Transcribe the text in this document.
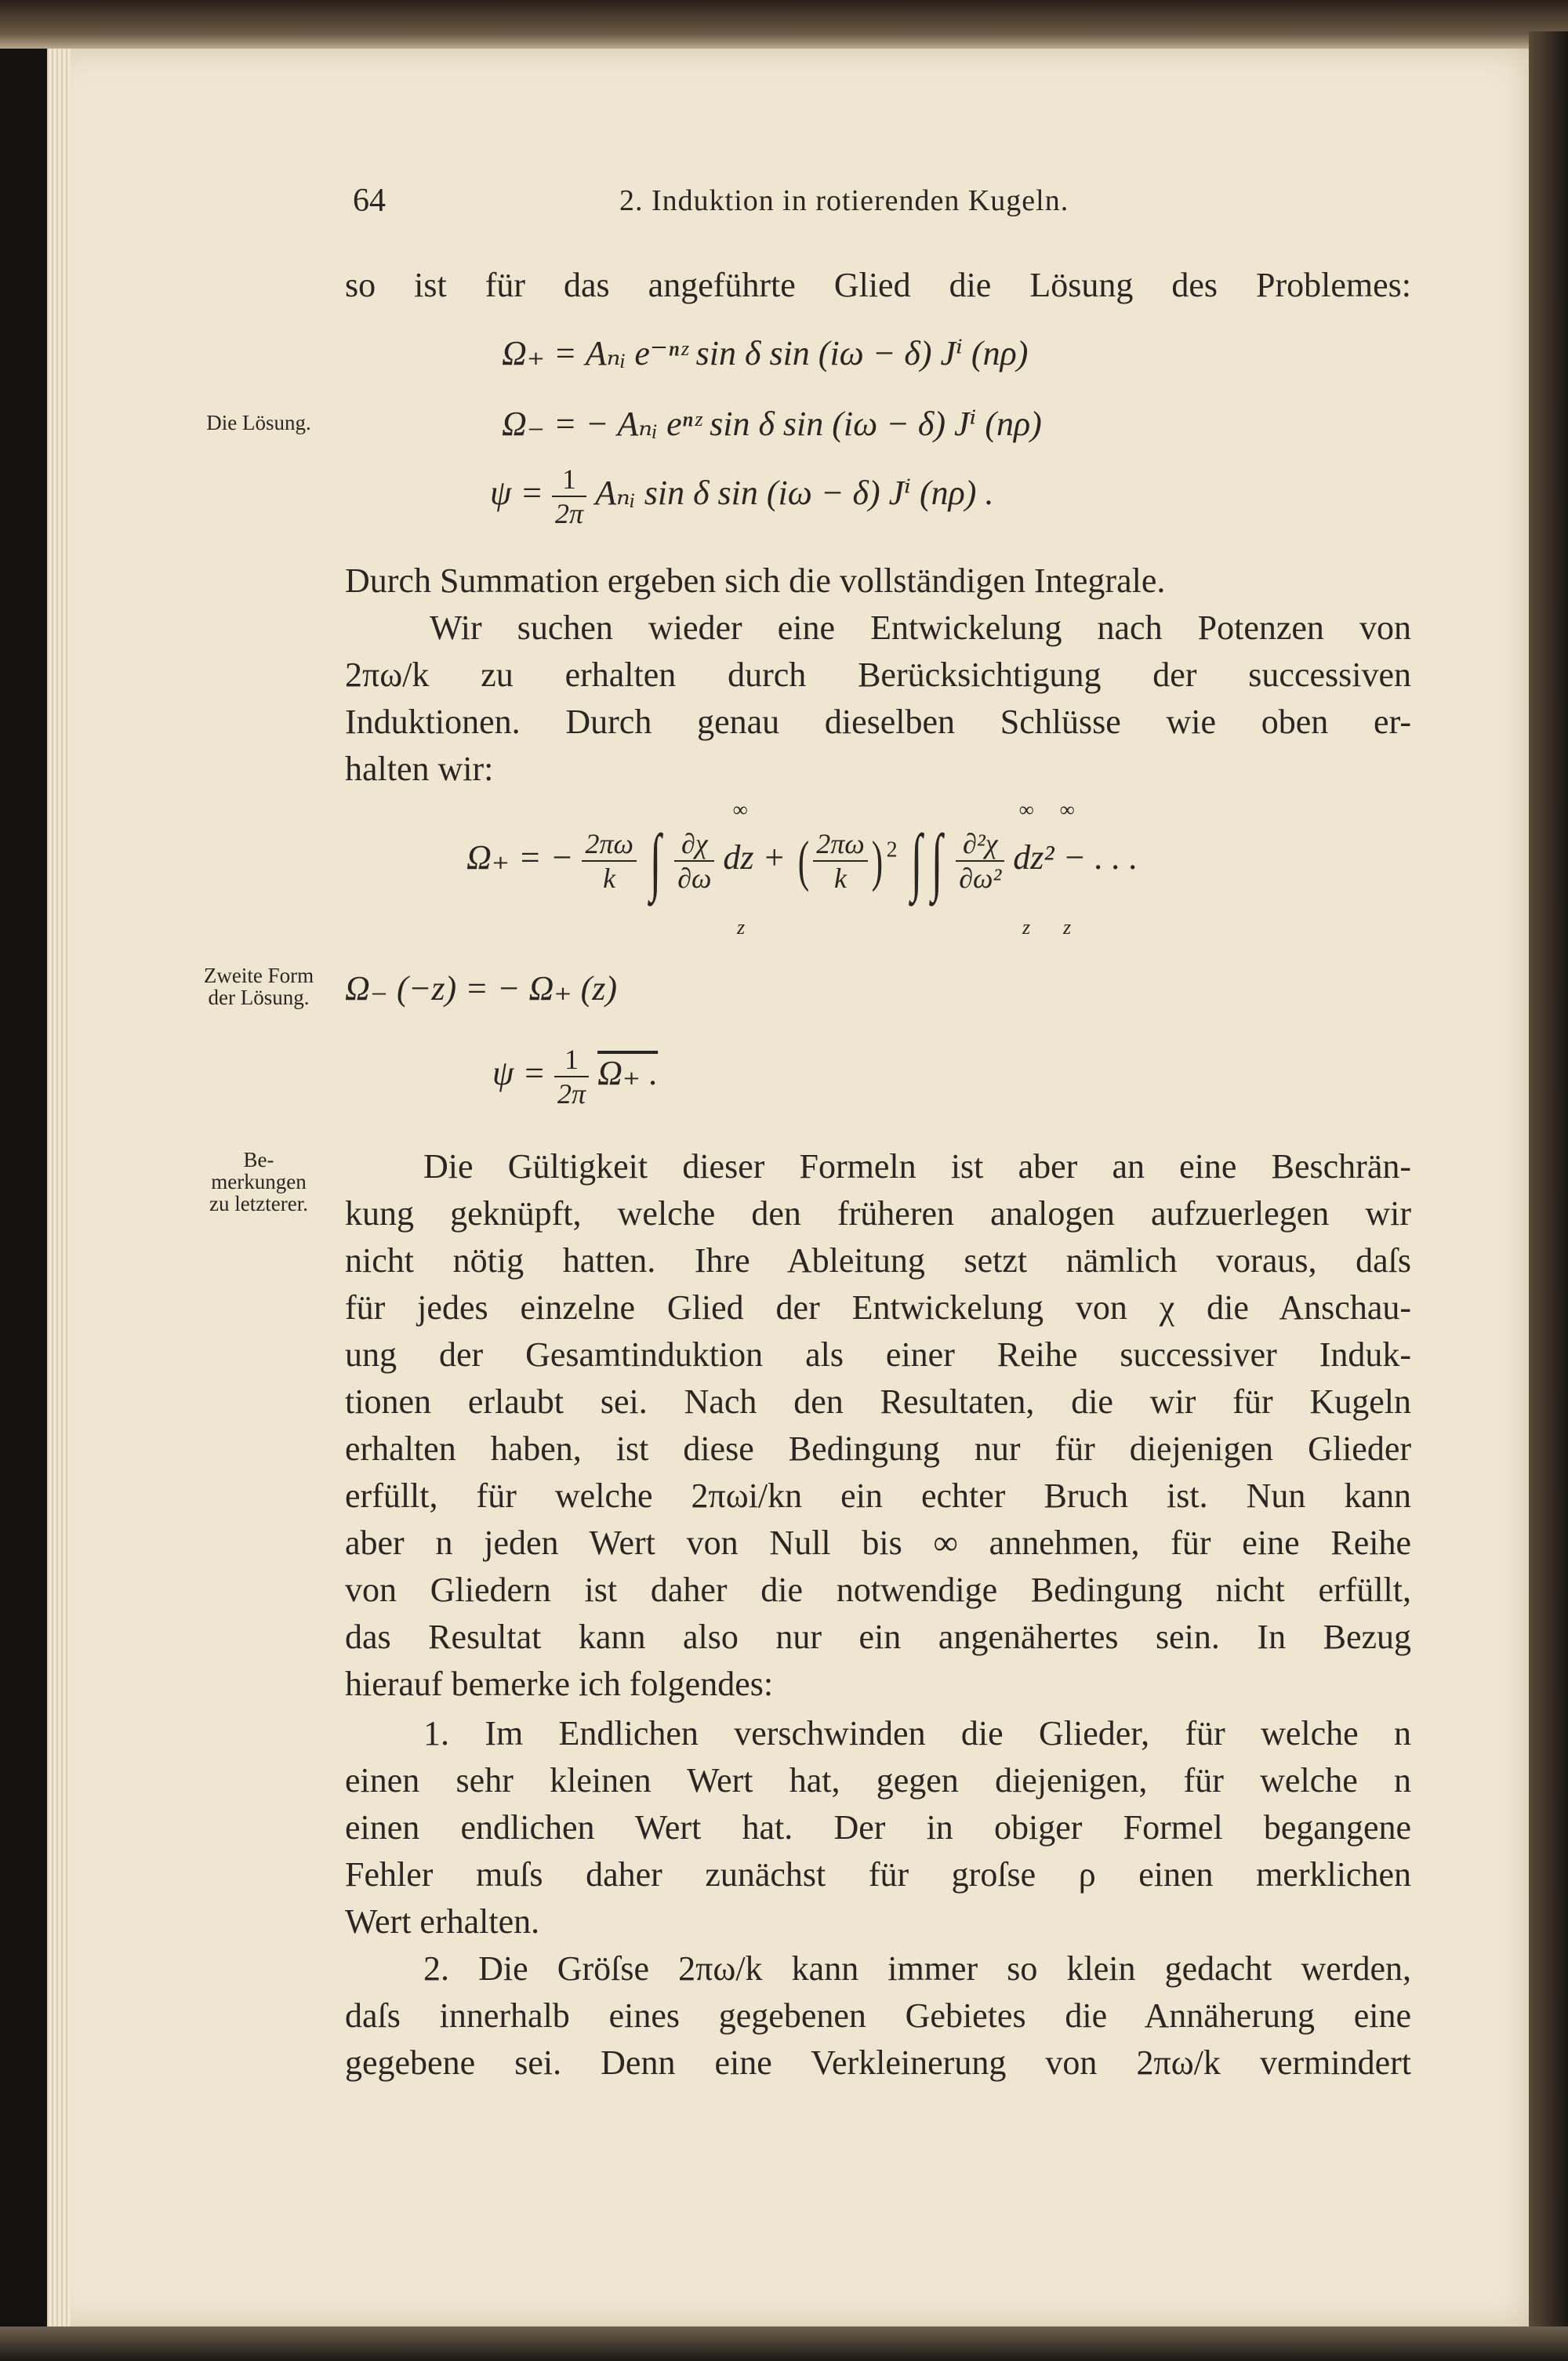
64	2. Induktion in rotierenden Kugeln.
so ist für das angeführte Glied die Lösung des Problemes:
Die Lösung.
Zweite Form
der Lösung.
Be-
merkungen
zu letzterer.
Ω₊ = Aₙᵢ e⁻ⁿᶻ sin δ sin (iω − δ) Jⁱ (nρ)
Ω₋ = − Aₙᵢ eⁿᶻ sin δ sin (iω − δ) Jⁱ (nρ)
$\psi = \frac{1}{2\pi}$ Aₙᵢ sin δ sin (iω − δ) Jⁱ (nρ) .
Durch Summation ergeben sich die vollständigen Integrale.
Wir suchen wieder eine Entwickelung nach Potenzen von
2πω/k zu erhalten durch Berücksichtigung der successiven
Induktionen. Durch genau dieselben Schlüsse wie oben er-
halten wir:
Ω₊ = − $\frac{2\pi\omega}{k}$ ∫ $\frac{\partial\chi}{\partial\omega}$ dz + ( $\frac{2\pi\omega}{k}$ ) $^2$ ∫ ∫ $\frac{\text{∂²χ}}{\text{∂ω²}} dz^2$ − . . .
∞
z
∞ ∞
z z
Ω₋ (−z) = − Ω₊ (z)
$\psi = \frac{1}{2\pi} \Omega_+$ .
Die Gültigkeit dieser Formeln ist aber an eine Beschrän-
kung geknüpft, welche den früheren analogen aufzuerlegen wir
nicht nötig hatten. Ihre Ableitung setzt nämlich voraus, daſs
für jedes einzelne Glied der Entwickelung von χ die Anschau-
ung der Gesamtinduktion als einer Reihe successiver Induk-
tionen erlaubt sei. Nach den Resultaten, die wir für Kugeln
erhalten haben, ist diese Bedingung nur für diejenigen Glieder
erfüllt, für welche 2πωi/kn ein echter Bruch ist. Nun kann
aber n jeden Wert von Null bis ∞ annehmen, für eine Reihe
von Gliedern ist daher die notwendige Bedingung nicht erfüllt,
das Resultat kann also nur ein angenähertes sein. In Bezug
hierauf bemerke ich folgendes:
1. Im Endlichen verschwinden die Glieder, für welche n
einen sehr kleinen Wert hat, gegen diejenigen, für welche n
einen endlichen Wert hat. Der in obiger Formel begangene
Fehler muſs daher zunächst für groſse ρ einen merklichen
Wert erhalten.
2. Die Gröſse 2πω/k kann immer so klein gedacht werden,
daſs innerhalb eines gegebenen Gebietes die Annäherung eine
gegebene sei. Denn eine Verkleinerung von 2πω/k vermindert
